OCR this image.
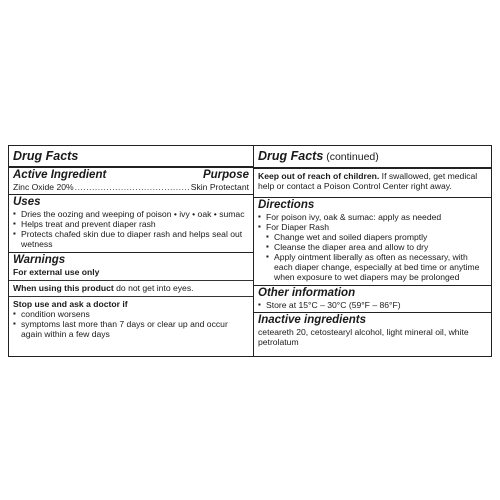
Drug Facts
Active Ingredient	Purpose
Zinc Oxide 20%
.....	Skin Protectant
Uses
▪ Dries the oozing and weeping of poison • ivy • oak • sumac
▪ Helps treat and prevent diaper rash
▪ Protects chafed skin due to diaper rash and helps seal out wetness
Warnings
For external use only
When using this product do not get into eyes.
Stop use and ask a doctor if
▪ condition worsens
▪ symptoms last more than 7 days or clear up and occur again within a few days
Drug Facts (continued)
Keep out of reach of children. If swallowed, get medical help or contact a Poison Control Center right away.
Directions
▪ For poison ivy, oak & sumac: apply as needed
▪ For Diaper Rash
▪ Change wet and soiled diapers promptly
▪ Cleanse the diaper area and allow to dry
▪ Apply ointment liberally as often as necessary, with each diaper change, especially at bed time or anytime when exposure to wet diapers may be prolonged
Other information
▪ Store at 15°C – 30°C (59°F – 86°F)
Inactive ingredients
ceteareth 20, cetostearyl alcohol, light mineral oil, white petrolatum
